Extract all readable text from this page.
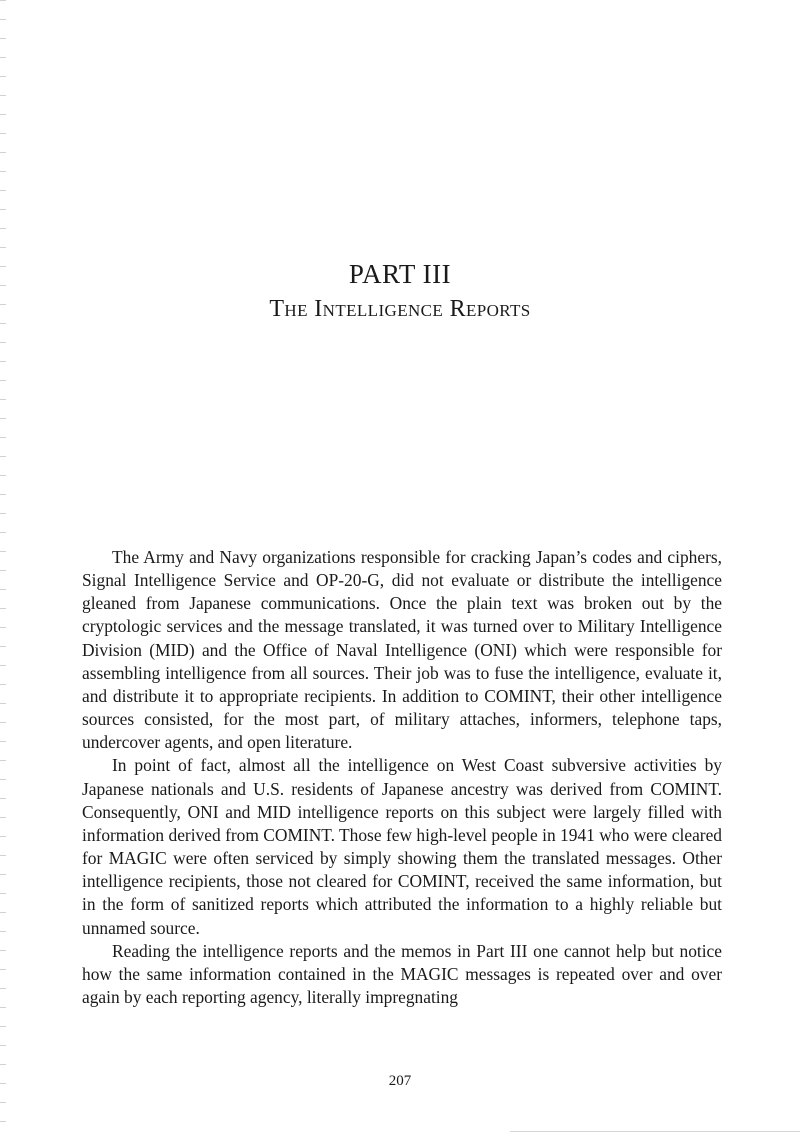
PART III
The Intelligence Reports

The Army and Navy organizations responsible for cracking Japan’s codes and ciphers, Signal Intelligence Service and OP-20-G, did not evaluate or distribute the intelligence gleaned from Japanese communications. Once the plain text was broken out by the cryptologic services and the message translated, it was turned over to Military Intelligence Division (MID) and the Office of Naval Intelligence (ONI) which were responsible for assembling intelligence from all sources. Their job was to fuse the intelligence, evaluate it, and distribute it to appropriate recipients. In addition to COMINT, their other intelligence sources consisted, for the most part, of military attaches, informers, telephone taps, undercover agents, and open literature.

In point of fact, almost all the intelligence on West Coast subversive activities by Japanese nationals and U.S. residents of Japanese ancestry was derived from COMINT. Consequently, ONI and MID intelligence reports on this subject were largely filled with information derived from COMINT. Those few high-level people in 1941 who were cleared for MAGIC were often serviced by simply showing them the translated messages. Other intelligence recipients, those not cleared for COMINT, received the same information, but in the form of sanitized reports which attributed the information to a highly reliable but unnamed source.

Reading the intelligence reports and the memos in Part III one cannot help but notice how the same information contained in the MAGIC messages is repeated over and over again by each reporting agency, literally impregnating

207
